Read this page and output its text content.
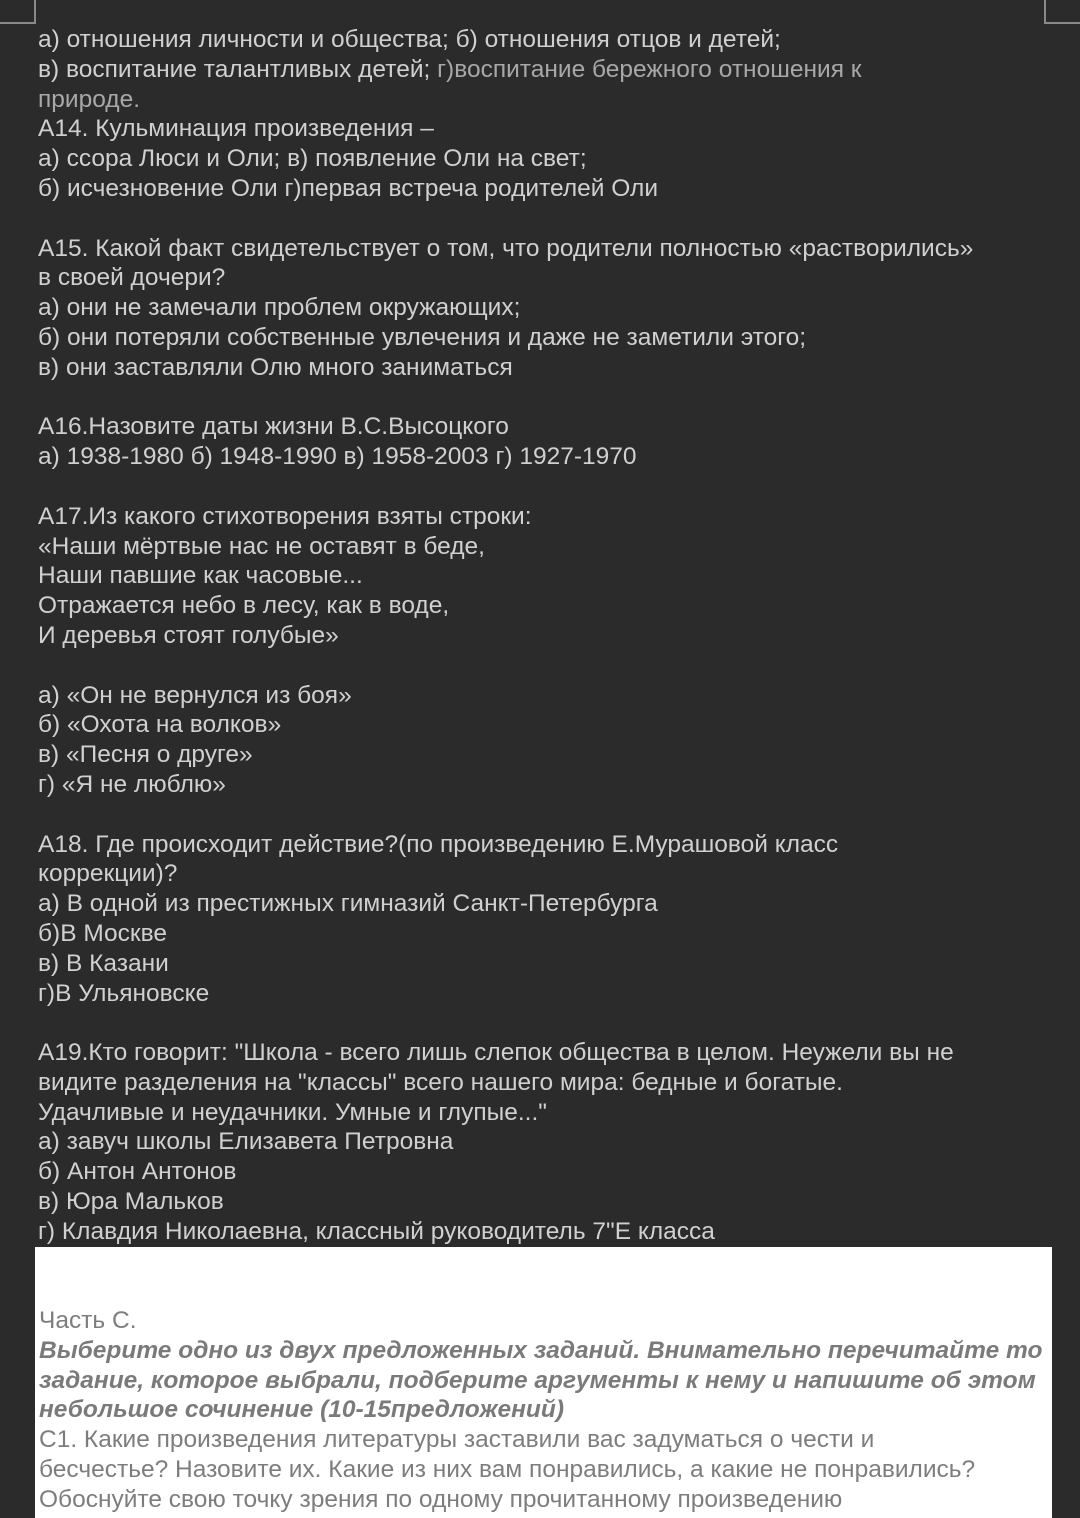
а) отношения личности и общества; б) отношения отцов и детей;
в) воспитание талантливых детей; г)воспитание бережного отношения к
природе.
А14. Кульминация произведения –
а) ссора Люси и Оли; в) появление Оли на свет;
б) исчезновение Оли г)первая встреча родителей Оли
А15. Какой факт свидетельствует о том, что родители полностью «растворились»
в своей дочери?
а) они не замечали проблем окружающих;
б) они потеряли собственные увлечения и даже не заметили этого;
в) они заставляли Олю много заниматься
А16.Назовите даты жизни В.С.Высоцкого
а) 1938-1980 б) 1948-1990 в) 1958-2003 г) 1927-1970
А17.Из какого стихотворения взяты строки:
«Наши мёртвые нас не оставят в беде,
Наши павшие как часовые...
Отражается небо в лесу, как в воде,
И деревья стоят голубые»
а) «Он не вернулся из боя»
б) «Охота на волков»
в) «Песня о друге»
г) «Я не люблю»
А18. Где происходит действие?(по произведению Е.Мурашовой класс
коррекции)?
а) В одной из престижных гимназий Санкт-Петербурга
б)В Москве
в) В Казани
г)В Ульяновске
А19.Кто говорит: "Школа - всего лишь слепок общества в целом. Неужели вы не
видите разделения на "классы" всего нашего мира: бедные и богатые.
Удачливые и неудачники. Умные и глупые..."
а) завуч школы Елизавета Петровна
б) Антон Антонов
в) Юра Мальков
г) Клавдия Николаевна, классный руководитель 7"Е класса
Часть С.
Выберите одно из двух предложенных заданий. Внимательно перечитайте то
задание, которое выбрали, подберите аргументы к нему и напишите об этом
небольшое сочинение (10-15предложений)
С1. Какие произведения литературы заставили вас задуматься о чести и
бесчестье? Назовите их. Какие из них вам понравились, а какие не понравились?
Обоснуйте свою точку зрения по одному прочитанному произведению
